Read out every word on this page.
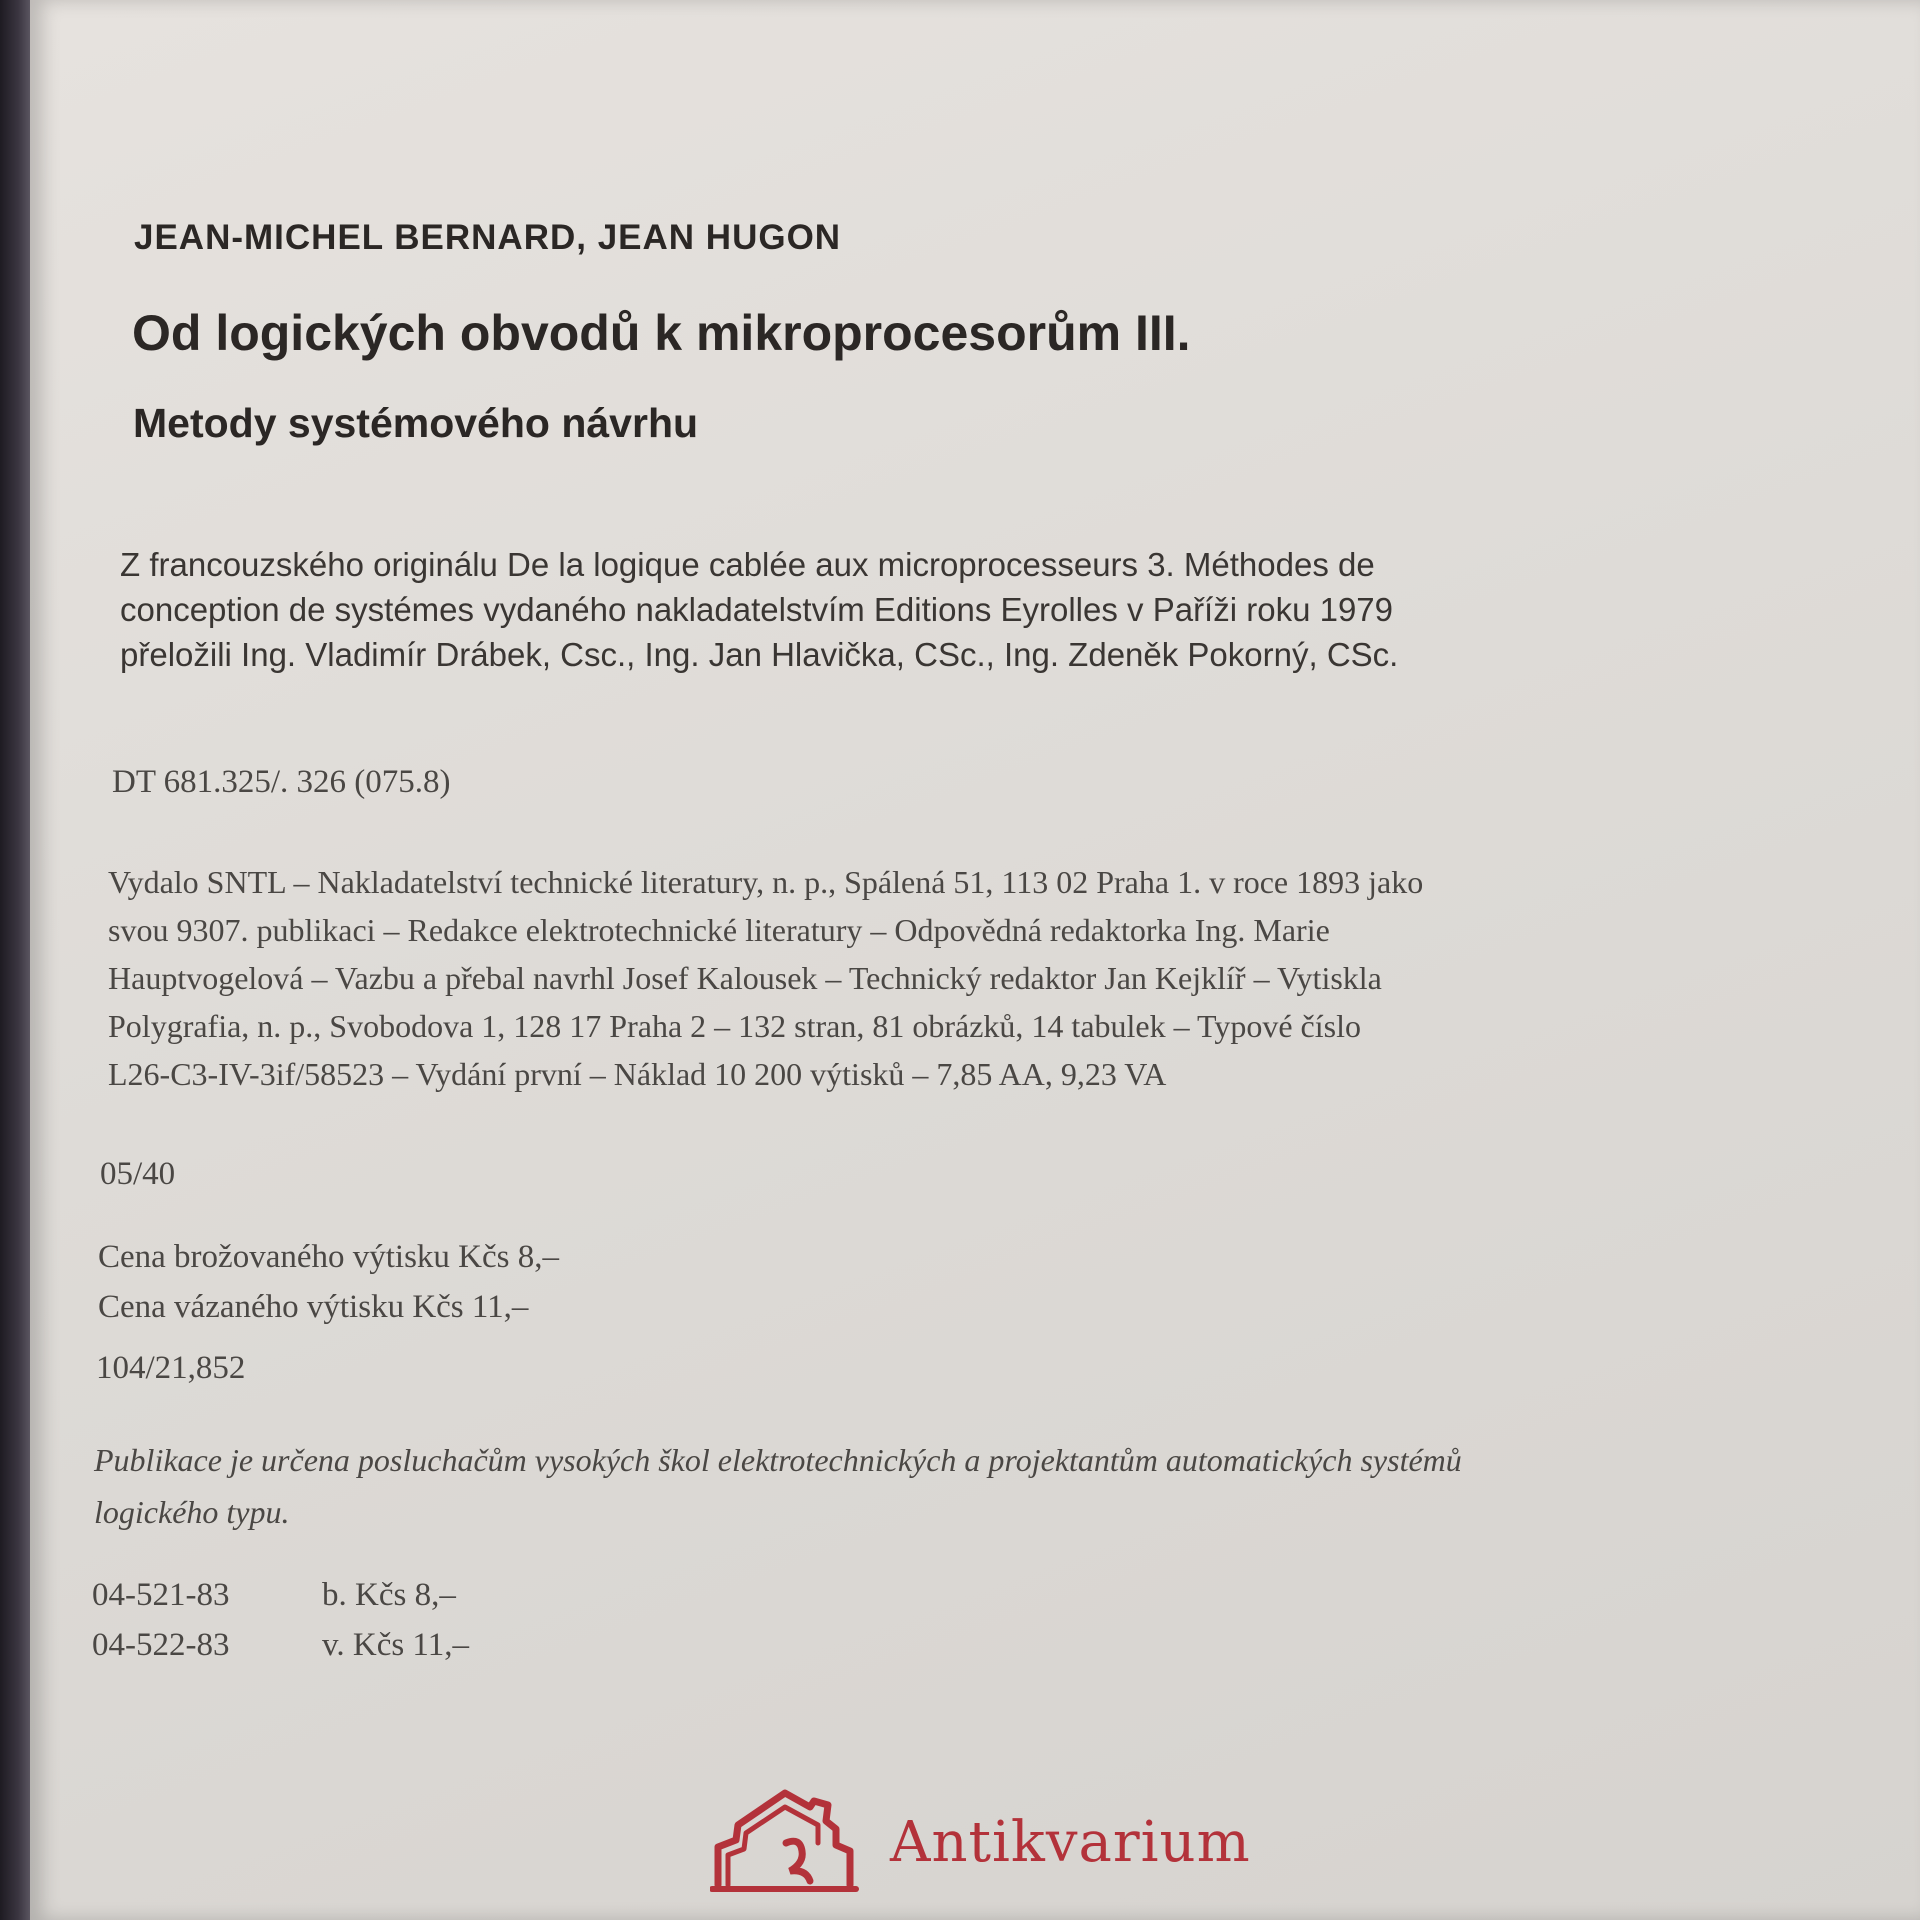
JEAN-MICHEL BERNARD, JEAN HUGON
Od logických obvodů k mikroprocesorům III.
Metody systémového návrhu
Z francouzského originálu De la logique cablée aux microprocesseurs 3. Méthodes de
conception de systémes vydaného nakladatelstvím Editions Eyrolles v Paříži roku 1979
přeložili Ing. Vladimír Drábek, Csc., Ing. Jan Hlavička, CSc., Ing. Zdeněk Pokorný, CSc.
DT 681.325/. 326 (075.8)
Vydalo SNTL – Nakladatelství technické literatury, n. p., Spálená 51, 113 02 Praha 1. v roce 1893 jako
svou 9307. publikaci – Redakce elektrotechnické literatury – Odpovědná redaktorka Ing. Marie
Hauptvogelová – Vazbu a přebal navrhl Josef Kalousek – Technický redaktor Jan Kejklíř – Vytiskla
Polygrafia, n. p., Svobodova 1, 128 17 Praha 2 – 132 stran, 81 obrázků, 14 tabulek – Typové číslo
L26-C3-IV-3if/58523 – Vydání první – Náklad 10 200 výtisků – 7,85 AA, 9,23 VA
05/40
Cena brožovaného výtisku Kčs 8,–
Cena vázaného výtisku Kčs 11,–
104/21,852
Publikace je určena posluchačům vysokých škol elektrotechnických a projektantům automatických systémů
logického typu.
04-521-83	b. Kčs 8,–
04-522-83	v. Kčs 11,–
Antikvarium
